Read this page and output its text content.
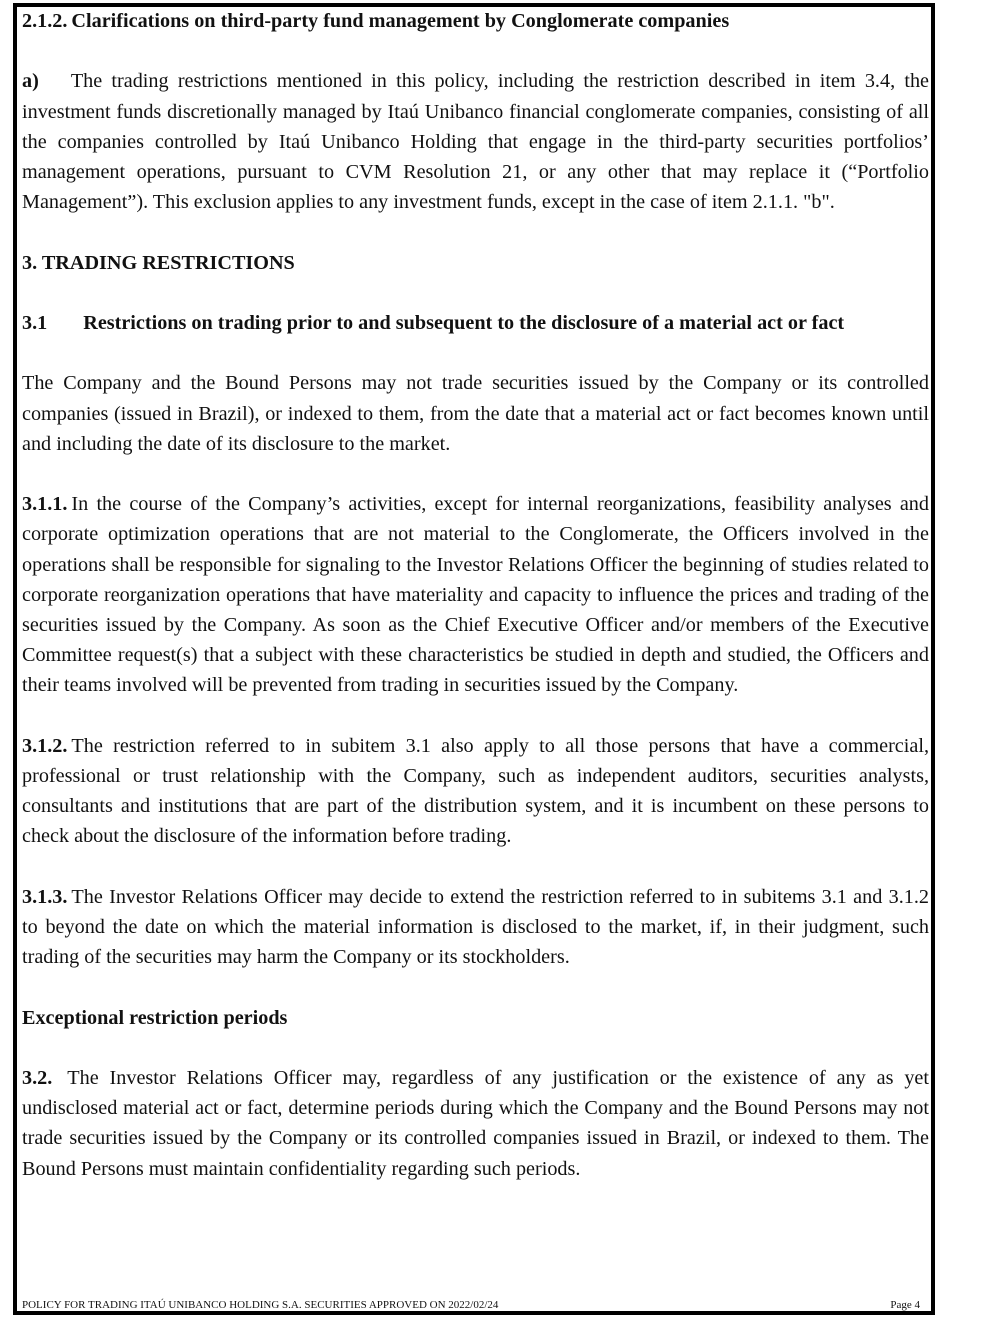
2.1.2. Clarifications on third-party fund management by Conglomerate companies
a) The trading restrictions mentioned in this policy, including the restriction described in item 3.4, the investment funds discretionally managed by Itaú Unibanco financial conglomerate companies, consisting of all the companies controlled by Itaú Unibanco Holding that engage in the third-party securities portfolios’ management operations, pursuant to CVM Resolution 21, or any other that may replace it (“Portfolio Management”). This exclusion applies to any investment funds, except in the case of item 2.1.1. "b".
3. TRADING RESTRICTIONS
3.1 Restrictions on trading prior to and subsequent to the disclosure of a material act or fact
The Company and the Bound Persons may not trade securities issued by the Company or its controlled companies (issued in Brazil), or indexed to them, from the date that a material act or fact becomes known until and including the date of its disclosure to the market.
3.1.1. In the course of the Company’s activities, except for internal reorganizations, feasibility analyses and corporate optimization operations that are not material to the Conglomerate, the Officers involved in the operations shall be responsible for signaling to the Investor Relations Officer the beginning of studies related to corporate reorganization operations that have materiality and capacity to influence the prices and trading of the securities issued by the Company. As soon as the Chief Executive Officer and/or members of the Executive Committee request(s) that a subject with these characteristics be studied in depth and studied, the Officers and their teams involved will be prevented from trading in securities issued by the Company.
3.1.2. The restriction referred to in subitem 3.1 also apply to all those persons that have a commercial, professional or trust relationship with the Company, such as independent auditors, securities analysts, consultants and institutions that are part of the distribution system, and it is incumbent on these persons to check about the disclosure of the information before trading.
3.1.3. The Investor Relations Officer may decide to extend the restriction referred to in subitems 3.1 and 3.1.2 to beyond the date on which the material information is disclosed to the market, if, in their judgment, such trading of the securities may harm the Company or its stockholders.
Exceptional restriction periods
3.2. The Investor Relations Officer may, regardless of any justification or the existence of any as yet undisclosed material act or fact, determine periods during which the Company and the Bound Persons may not trade securities issued by the Company or its controlled companies issued in Brazil, or indexed to them. The Bound Persons must maintain confidentiality regarding such periods.
POLICY FOR TRADING ITAÚ UNIBANCO HOLDING S.A. SECURITIES APPROVED ON 2022/02/24	Page 4
